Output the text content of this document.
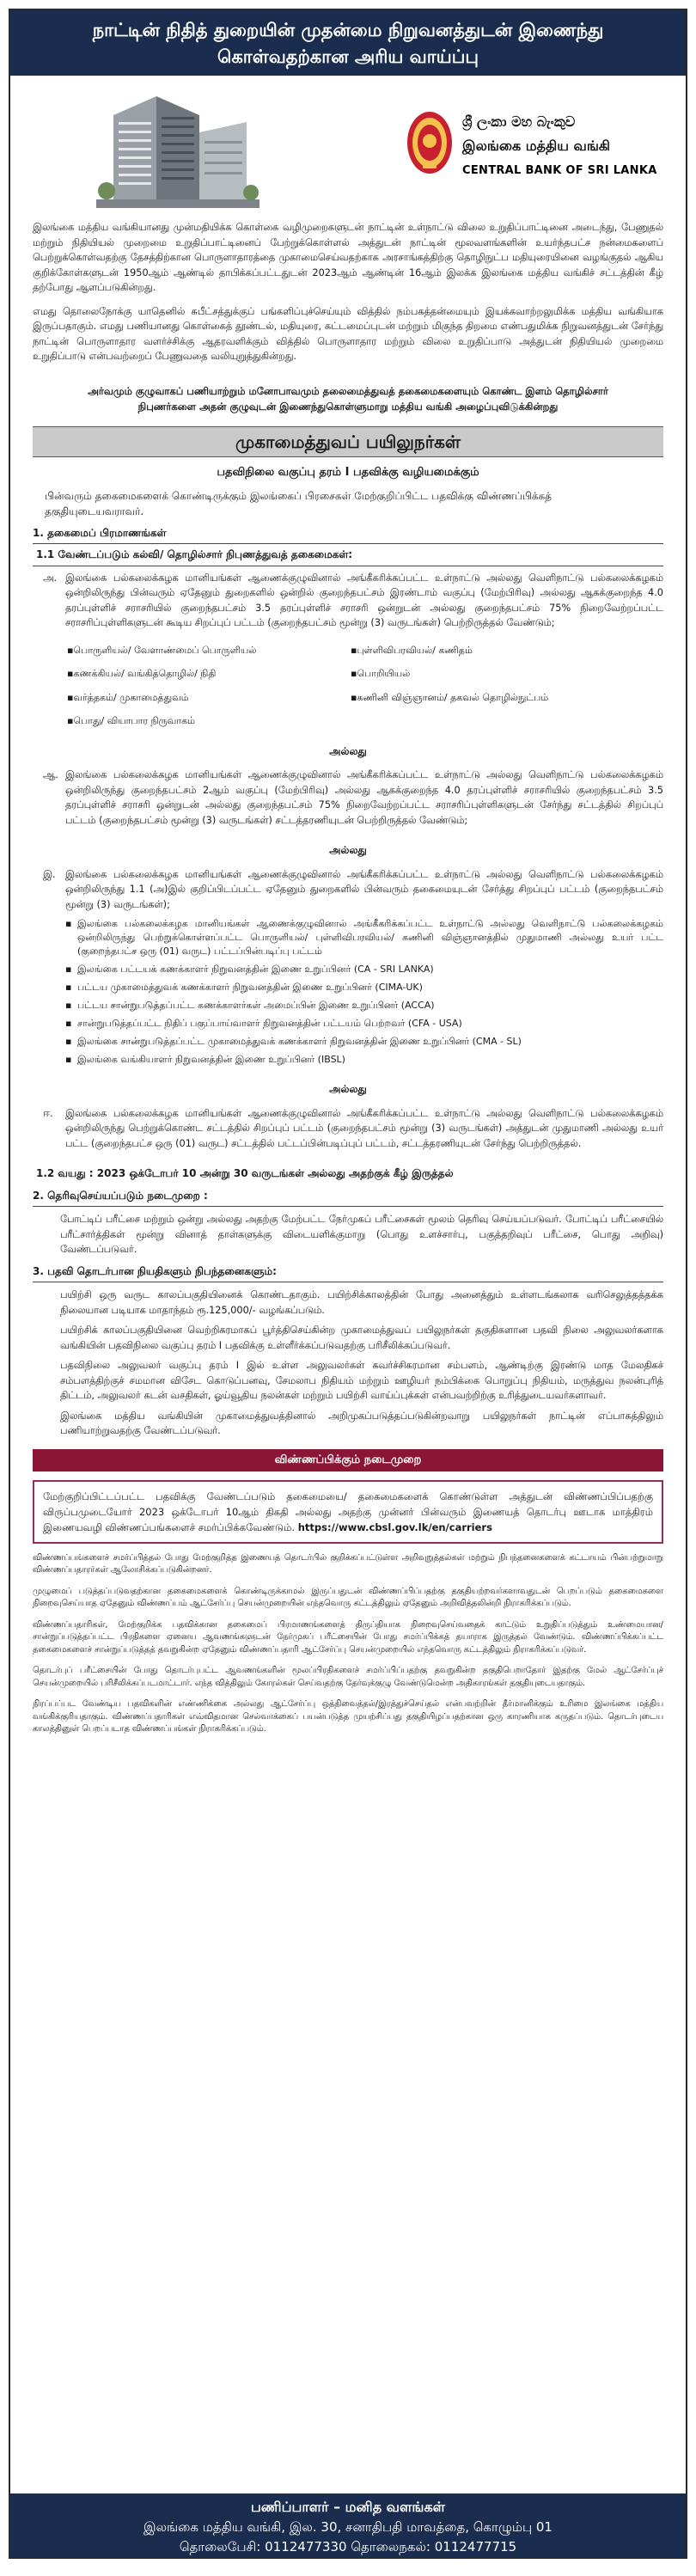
நாட்டின் நிதித் துறையின் முதன்மை நிறுவனத்துடன் இணைந்து கொள்வதற்கான அரிய வாய்ப்பு
ශ්‍රී ලංකා මහ බැංකුව
இலங்கை மத்திய வங்கி
CENTRAL BANK OF SRI LANKA

இலங்கை மத்திய வங்கியானது முன்மதியிக்க கொள்கை வழிமுறைகளுடன் நாட்டின் உள்நாட்டு விலை உறுதிப்பாட்டினை அடைந்து, பேணுதல் மற்றும் நிதியியல் முறைமை உறுதிப்பாட்டினைப் பேற்றுக்கொள்ளல் அத்துடன் நாட்டின் மூலவளங்களின் உயர்ந்தபட்ச நன்மைகளைப் பெற்றுக்கொள்வதற்கு தேசத்திற்கான பொருளாதாரத்தை முகாமைசெய்வதற்காக அரசாங்கத்திற்கு தொழிநுட்ப மதியுரையினை வழங்குதல் ஆகிய குறிக்கோள்களுடன் 1950ஆம் ஆண்டில் தாபிக்கப்பட்டதுடன் 2023ஆம் ஆண்டின் 16ஆம் இலக்க இலங்கை மத்திய வங்கிச் சட்டத்தின் கீழ் தற்போது ஆளப்படுகின்றது.

எமது தொலைநோக்கு யாதெனில் சுபீட்சத்துக்குப் பங்களிப்புச்செய்யும் வித்தில் நம்பகத்தன்மையும் இயக்கவாற்றலுமிக்க மத்திய வங்கியாக இருப்பதாகும். எமது பணியானது கொள்கைத் தூண்டல், மதியுரை, கட்டமைப்புடன் மற்றும் மிகுந்த திறமை எண்பதுமிக்க நிறுவனத்துடன் சேர்ந்து நாட்டின் பொருளாதார வளர்ச்சிக்கு ஆதரவளிக்கும் வித்தில் பொருளாதார மற்றும் விலை உறுதிப்பாடு அத்துடன் நிதியியல் முறைமை உறுதிப்பாடு என்பவற்றைப் பேணுவதை வலியுறுத்துகின்றது.

அர்வமும் குழுவாகப் பணியாற்றும் மனோபாவமும் தலைமைத்துவத் தகைமைகளையும் கொண்ட இளம் தொழில்சார் நிபுணர்களை அதன் குழுவுடன் இணைந்துகொள்ளுமாறு மத்திய வங்கி அழைப்புவிடுக்கின்றது
முகாமைத்துவப் பயிலுநர்கள்
பதவிநிலை வகுப்பு தரம் I பதவிக்கு வழியமைக்கும்
பின்வரும் தகைமைகளைக் கொண்டிருக்கும் இலங்கைப் பிரசைகள் மேற்குறிப்பிட்ட பதவிக்கு விண்ணப்பிக்கத் தகுதியுடையவராவர்.
1. தகைமைப் பிரமாணங்கள்
1.1 வேண்டப்படும் கல்வி/ தொழில்சார் நிபுணத்துவத் தகைமைகள்:
அ. இலங்கை பல்கலைக்கழக மானியங்கள் ஆணைக்குழுவினால் அங்கீகரிக்கப்பட்ட உள்நாட்டு அல்லது வெளிநாட்டு பல்கலைக்கழகம் ஒன்றிலிருந்து பின்வரும் ஏதேனும் துறைகளில் ஒன்றில் குறைந்தபட்சம் இரண்டாம் வகுப்பு (மேற்பிரிவு) அல்லது ஆகக்குறைந்த 4.0 தரப்புள்ளிச் சராசரியில் குறைந்தபட்சம் 3.5 தரப்புள்ளிச் சராசரி ஒன்றுடன் அல்லது குறைந்தபட்சம் 75% நிறைவேற்றப்பட்ட சராசரிப்புள்ளிகளுடன் கூடிய சிறப்புப் பட்டம் (குறைந்தபட்சம் மூன்று (3) வருடங்கள்) பெற்றிருத்தல் வேண்டும்;
▪பொருளியல்/ வேளாண்மைப் பொருளியல்	▪புள்ளிவிபரவியல்/ கணிதம்
▪கணக்கியல்/ வங்கித்தொழில்/ நிதி	▪பொறியியல்
▪வர்த்தகம்/ முகாமைத்துவம்	▪கணினி விஞ்ஞானம்/ தகவல் தொழில்நுட்பம்
▪பொது/ வியாபார நிருவாகம்
அல்லது
ஆ. இலங்கை பல்கலைக்கழக மானியங்கள் ஆணைக்குழுவினால் அங்கீகரிக்கப்பட்ட உள்நாட்டு அல்லது வெளிநாட்டு பல்கலைக்கழகம் ஒன்றிலிருந்து குறைந்தபட்சம் 2ஆம் வகுப்பு (மேற்பிரிவு) அல்லது ஆகக்குறைந்த 4.0 தரப்புள்ளிச் சராசரியில் குறைந்தபட்சம் 3.5 தரப்புள்ளிச் சராசரி ஒன்றுடன் அல்லது குறைந்தபட்சம் 75% நிறைவேற்றப்பட்ட சராசரிப்புள்ளிகளுடன் சேர்ந்து சட்டத்தில் சிறப்புப் பட்டம் (குறைந்தபட்சம் மூன்று (3) வருடங்கள்) சட்டத்தரணியுடன் பெற்றிருத்தல் வேண்டும்;
அல்லது
இ.	இலங்கை பல்கலைக்கழக மானியங்கள் ஆணைக்குழுவினால் அங்கீகரிக்கப்பட்ட உள்நாட்டு அல்லது வெளிநாட்டு பல்கலைக்கழகம் ஒன்றிலிருந்து 1.1 (அ)இல் குறிப்பிடப்பட்ட ஏதேனும் துறைகளில் பின்வரும் தகைமையுடன் சேர்த்து சிறப்புப் பட்டம் (குறைந்தபட்சம் மூன்று (3) வருடங்கள்);
▪ இலங்கை பல்கலைக்கழக மானியங்கள் ஆணைக்குழுவினால் அங்கீகரிக்கப்பட்ட உள்நாட்டு அல்லது வெளிநாட்டு பல்கலைக்கழகம் ஒன்றிலிருந்து பெற்றுக்கொள்ளப்பட்ட பொருளியல்/ புள்ளிவிபரவியல்/ கணினி விஞ்ஞானத்தில் முதுமாணி அல்லது உயர் பட்ட (குறைந்தபட்ச ஒரு (01) வருட) பட்டப்பின்படிப்பு பட்டம்
▪ இலங்கை பட்டயக் கணக்காளர் நிறுவனத்தின் இணை உறுப்பினர் (CA - SRI LANKA)
▪ பட்டய முகாமைத்துவக் கணக்காளர் நிறுவனத்தின் இணை உறுப்பினர் (CIMA-UK)
▪ பட்டய சான்றுபடுத்தப்பட்ட கணக்காளர்கள் அமைப்பின் இணை உறுப்பினர் (ACCA)
▪ சான்றுபடுத்தப்பட்ட நிதிப் பகுப்பாய்வாளர் நிறுவனத்தின் பட்டயம் பெற்றவர் (CFA - USA)
▪ இலங்கை சான்றுபடுத்தப்பட்ட முகாமைத்துவக் கணக்காளர் நிறுவனத்தின் இணை உறுப்பினர் (CMA - SL)
▪ இலங்கை வங்கியாளர் நிறுவனத்தின் இணை உறுப்பினர் (IBSL)
அல்லது
ஈ.	இலங்கை பல்கலைக்கழக மானியங்கள் ஆணைக்குழுவினால் அங்கீகரிக்கப்பட்ட உள்நாட்டு அல்லது வெளிநாட்டு பல்கலைக்கழகம் ஒன்றிலிருந்து பெற்றுக்கொண்ட சட்டத்தில் சிறப்புப் பட்டம் (குறைந்தபட்சம் மூன்று (3) வருடங்கள்) அத்துடன் முதுமாணி அல்லது உயர் பட்ட (குறைந்தபட்ச ஒரு (01) வருட) சட்டத்தில் பட்டப்பின்படிப்புப் பட்டம், சட்டத்தரணியுடன் சேர்ந்து பெற்றிருத்தல்.
1.2 வயது : 2023 ஒக்டோபர் 10 அன்று 30 வருடங்கள் அல்லது அதற்குக் கீழ் இருத்தல்
2. தெரிவுசெய்யப்படும் நடைமுறை :
போட்டிப் பரீட்சை மற்றும் ஒன்று அல்லது அதற்கு மேற்பட்ட நேர்முகப் பரீட்சைகள் மூலம் தெரிவு செய்யப்படுவர். போட்டிப் பரீட்சையில் பரீட்சார்த்திகள் மூன்று வினாத் தாள்களுக்கு விடையளிக்குமாறு (பொது உளச்சார்பு, பகுத்தறிவுப் பரீட்சை, பொது அறிவு) வேண்டப்படுவர்.
3. பதவி தொடர்பான நியதிகளும் நிபந்தனைகளும்:
பயிற்சி ஒரு வருட காலப்பகுதியினைக் கொண்டதாகும். பயிற்சிக்காலத்தின் போது அனைத்தும் உள்ளடங்கலாக வரிசெலுத்தத்தக்க நிலையான படியாக மாதாந்தம் ரூ.125,000/- வழங்கப்படும்.
பயிற்சிக் காலப்பகுதியினை வெற்றிகரமாகப் பூர்த்திசெய்கின்ற முகாமைத்துவப் பயிலுநர்கள் தகுதிகளான பதவி நிலை அலுவலர்களாக வங்கியின் பதவிநிலை வகுப்பு தரம் I பதவிக்கு உள்ளீர்க்கப்படுவதற்கு பரிசீலிக்கப்படுவர்.
பதவிநிலை அலுவலர் வகுப்பு தரம் I இல் உள்ள அலுவலர்கள் கவர்ச்சிகரமான சம்பளம், ஆண்டிற்கு இரண்டு மாத மேலதிகச் சம்பளத்திற்குச் சமமான விசேட கொடுப்பனவு, சேமலாப நிதியம் மற்றும் ஊழியர் நம்பிக்கை பொறுப்பு நிதியம், மருத்துவ நலன்புரித் திட்டம், அலுவலர் கடன் வசதிகள், ஓய்வூதிய நலன்கள் மற்றும் பயிற்சி வாய்ப்புக்கள் என்பவற்றிற்கு உரித்துடையவர்களாவர்.
இலங்கை மத்திய வங்கியின் முகாமைத்துவத்தினால் அறிமுகப்படுத்தப்படுகின்றவாறு பயிலுநர்கள் நாட்டின் எப்பாகத்திலும் பணியாற்றுவதற்கு வேண்டப்படுவர்.
விண்ணப்பிக்கும் நடைமுறை
மேற்குறிப்பிட்டப்பட்ட பதவிக்கு வேண்டப்படும் தகைமையை/ தகைமைகளைக் கொண்டுள்ள அத்துடன் விண்ணப்பிப்பதற்கு விருப்பமுடையோர் 2023 ஒக்டோபர் 10ஆம் திகதி அல்லது அதற்கு முன்னர் பின்வரும் இணையத் தொடர்பு ஊடாக மாத்திரம் இணையவழி விண்ணப்பங்களைச் சமர்ப்பிக்கவேண்டும். https://www.cbsl.gov.lk/en/carriers

விண்ணப்பங்களைச் சமர்ப்பித்தல் போது மேற்குறித்த இணையத் தொடர்பில் குறிக்கப்பட்டுள்ள அறிவுறுத்தல்கள் மற்றும் நிபந்தனைகளைக் கட்டாயம் பின்பற்றுமாறு விண்ணப்பதாரர்கள் ஆலோசிக்கப்படுகின்றனர்.

முழுமைப் படுத்தப்படுவதற்கான தகைமைகளைக் கொண்டிருக்காமல் இருப்பதுடன் விண்ணப்பிப்பதற்கு தகுதியற்றவர்களாவதுடன் பெறப்படும் தகைமைகளை நிறைவுசெய்யாத ஏதேனும் விண்ணப்பம் ஆட்சேர்ப்பு செயன்முறையின் எந்தவொரு கட்டத்திலும் ஏதேனும் அறிவித்தலின்றி நிராகரிக்கப்படும்.

விண்ணப்பதாரிகள், மேற்குறிக்க பதவிக்கான தகைமைப் பிரமாணங்களைத் திருப்தியாக நிறைவுசெய்வதைக் காட்டும் உறுதிப்படுத்தும் உண்மையான/ சான்றுப்படுத்தப்பட்ட பிரதிகளை ஏனைய ஆவணங்களுடன் நேர்முகப் பரீட்சையின் போது சமர்ப்பிக்கத் தயாராக இருத்தல் வேண்டும். விண்ணப்பிக்கப்பட்ட தகைமைகளைச் சான்றுப்படுத்தத் தவறுகின்ற ஏதேனும் விண்ணப்பதாரி ஆட்சேர்ப்பு செயன்முறையில் எந்தவொரு கட்டத்திலும் நிராகரிக்கப்படுவர்.

தொடர்புப் பரீட்சையின் போது தொடர்புபட்ட ஆவணங்களின் மூலப்பிரதிகளைச் சமர்ப்பிப்பதற்கு தவறுகின்ற தகுதிபெறாதோர் இதற்கு மேல் ஆட்சேர்ப்புச் செயன்முறையில் பரிசீலிக்கப்படமாட்டார். எந்த வித்திலும் கோரல்கள் செய்வதற்கு தேர்வுக்குழு வேண்டுமென்ற அதிகாரங்கள் தகுதியுடையதாகும்.

நிரப்பப்பட வேண்டிய பதவிகளின் எண்ணிக்கை அல்லது ஆட்சேர்ப்பு ஒத்திவைத்தல்/இரத்துச்செய்தல் என்பவற்றின் தீர்மானிக்கும் உரிமை இலங்கை மத்திய வங்கிக்குரியதாகும். விண்ணப்பதாரிகள் எவ்விதமான செல்வாக்கைப் பயன்படுத்த முயற்சிப்பது தகுதியிழப்பதற்கான ஒரு காரணியாக கருதப்படும். தொடர்புடைய காலத்தினுள் பெறப்படாத விண்ணப்பங்கள் நிராகரிக்கப்படும்.

பணிப்பாளர் – மனித வளங்கள்
இலங்கை மத்திய வங்கி, இல. 30, சனாதிபதி மாவத்தை, கொழும்பு 01
தொலைபேசி: 0112477330 தொலைநகல்: 0112477715
